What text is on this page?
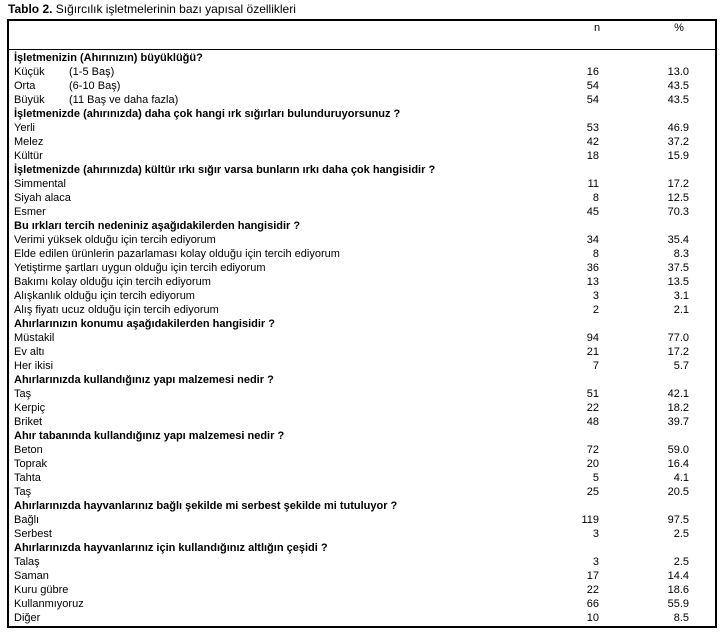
Tablo 2. Sığırcılık işletmelerinin bazı yapısal özellikleri
n	%
İşletmenizin (Ahırınızın) büyüklüğü?
Küçük (1-5 Baş)	16	13.0
Orta	(6-10 Baş)	54	43.5
Büyük (11 Baş ve daha fazla)	54	43.5
İşletmenizde (ahırınızda) daha çok hangi ırk sığırları bulunduruyorsunuz ?
Yerli	53	46.9
Melez	42	37.2
Kültür	18	15.9
İşletmenizde (ahırınızda) kültür ırkı sığır varsa bunların ırkı daha çok hangisidir ?
Simmental	11	17.2
Siyah alaca	8	12.5
Esmer	45	70.3
Bu ırkları tercih nedeniniz aşağıdakilerden hangisidir ?
Verimi yüksek olduğu için tercih ediyorum	34	35.4
Elde edilen ürünlerin pazarlaması kolay olduğu için tercih ediyorum	8	8.3
Yetiştirme şartları uygun olduğu için tercih ediyorum	36	37.5
Bakımı kolay olduğu için tercih ediyorum	13	13.5
Alışkanlık olduğu için tercih ediyorum	3	3.1
Alış fiyatı ucuz olduğu için tercih ediyorum	2	2.1
Ahırlarınızın konumu aşağıdakilerden hangisidir ?
Müstakil	94	77.0
Ev altı	21	17.2
Her ikisi	7	5.7
Ahırlarınızda kullandığınız yapı malzemesi nedir ?
Taş	51	42.1
Kerpiç	22	18.2
Briket	48	39.7
Ahır tabanında kullandığınız yapı malzemesi nedir ?
Beton	72	59.0
Toprak	20	16.4
Tahta	5	4.1
Taş	25	20.5
Ahırlarınızda hayvanlarınız bağlı şekilde mi serbest şekilde mi tutuluyor ?
Bağlı	119	97.5
Serbest	3	2.5
Ahırlarınızda hayvanlarınız için kullandığınız altlığın çeşidi ?
Talaş	3	2.5
Saman	17	14.4
Kuru gübre	22	18.6
Kullanmıyoruz	66	55.9
Diğer	10	8.5
